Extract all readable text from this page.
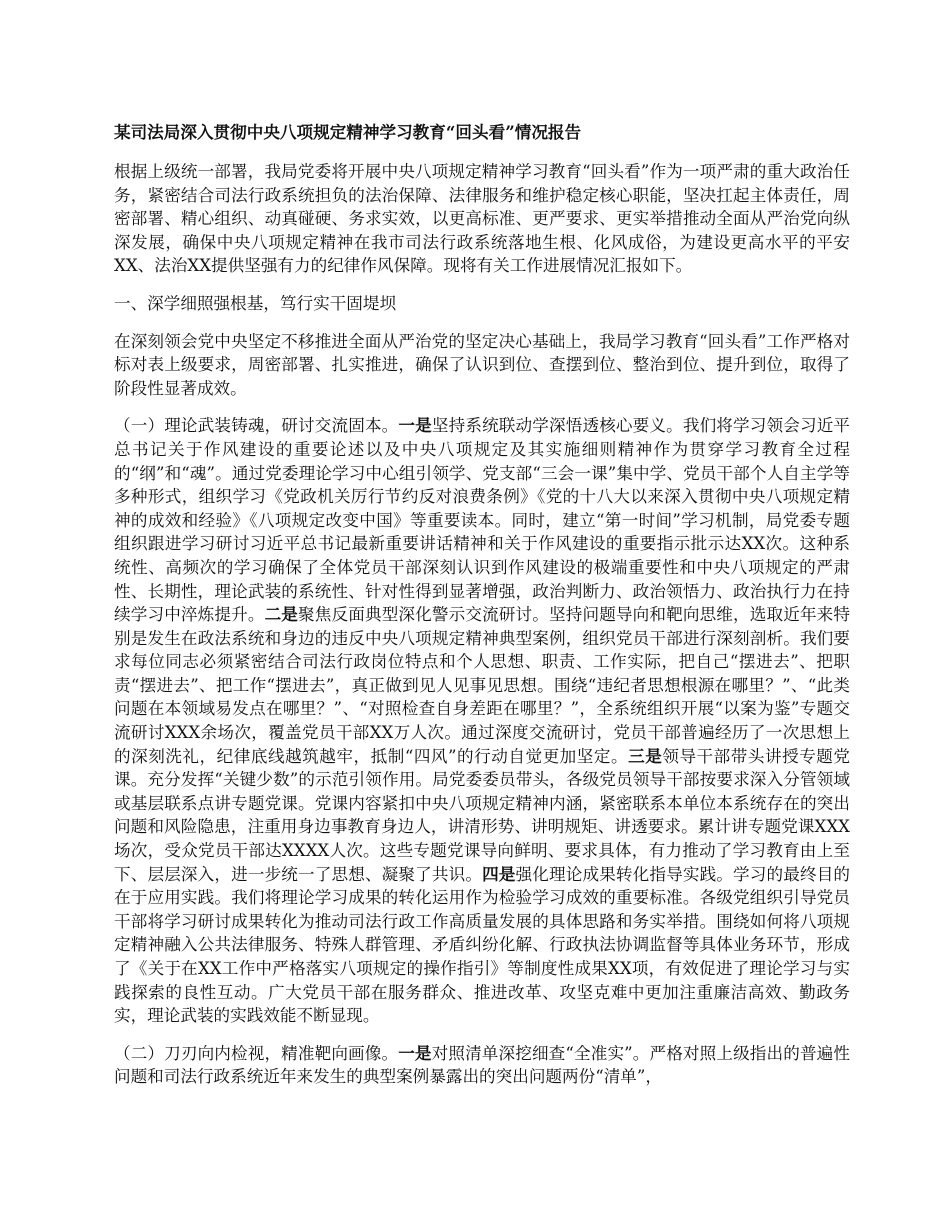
某司法局深入贯彻中央八项规定精神学习教育“回头看”情况报告

根据上级统一部署，我局党委将开展中央八项规定精神学习教育“回头看”作为一项严肃的重大政治任务，紧密结合司法行政系统担负的法治保障、法律服务和维护稳定核心职能，坚决扛起主体责任，周密部署、精心组织、动真碰硬、务求实效，以更高标准、更严要求、更实举措推动全面从严治党向纵深发展，确保中央八项规定精神在我市司法行政系统落地生根、化风成俗，为建设更高水平的平安XX、法治XX提供坚强有力的纪律作风保障。现将有关工作进展情况汇报如下。

一、深学细照强根基，笃行实干固堤坝

在深刻领会党中央坚定不移推进全面从严治党的坚定决心基础上，我局学习教育“回头看”工作严格对标对表上级要求，周密部署、扎实推进，确保了认识到位、查摆到位、整治到位、提升到位，取得了阶段性显著成效。

（一）理论武装铸魂，研讨交流固本。一是坚持系统联动学深悟透核心要义。我们将学习领会习近平总书记关于作风建设的重要论述以及中央八项规定及其实施细则精神作为贯穿学习教育全过程的“纲”和“魂”。通过党委理论学习中心组引领学、党支部“三会一课”集中学、党员干部个人自主学等多种形式，组织学习《党政机关厉行节约反对浪费条例》《党的十八大以来深入贯彻中央八项规定精神的成效和经验》《八项规定改变中国》等重要读本。同时，建立“第一时间”学习机制，局党委专题组织跟进学习研讨习近平总书记最新重要讲话精神和关于作风建设的重要指示批示达XX次。这种系统性、高频次的学习确保了全体党员干部深刻认识到作风建设的极端重要性和中央八项规定的严肃性、长期性，理论武装的系统性、针对性得到显著增强，政治判断力、政治领悟力、政治执行力在持续学习中淬炼提升。二是聚焦反面典型深化警示交流研讨。坚持问题导向和靶向思维，选取近年来特别是发生在政法系统和身边的违反中央八项规定精神典型案例，组织党员干部进行深刻剖析。我们要求每位同志必须紧密结合司法行政岗位特点和个人思想、职责、工作实际，把自己“摆进去”、把职责“摆进去”、把工作“摆进去”，真正做到见人见事见思想。围绕“违纪者思想根源在哪里？”、“此类问题在本领域易发点在哪里？”、“对照检查自身差距在哪里？”，全系统组织开展“以案为鉴”专题交流研讨XXX余场次，覆盖党员干部XX万人次。通过深度交流研讨，党员干部普遍经历了一次思想上的深刻洗礼，纪律底线越筑越牢，抵制“四风”的行动自觉更加坚定。三是领导干部带头讲授专题党课。充分发挥“关键少数”的示范引领作用。局党委委员带头，各级党员领导干部按要求深入分管领域或基层联系点讲专题党课。党课内容紧扣中央八项规定精神内涵，紧密联系本单位本系统存在的突出问题和风险隐患，注重用身边事教育身边人，讲清形势、讲明规矩、讲透要求。累计讲专题党课XXX场次，受众党员干部达XXXX人次。这些专题党课导向鲜明、要求具体，有力推动了学习教育由上至下、层层深入，进一步统一了思想、凝聚了共识。四是强化理论成果转化指导实践。学习的最终目的在于应用实践。我们将理论学习成果的转化运用作为检验学习成效的重要标准。各级党组织引导党员干部将学习研讨成果转化为推动司法行政工作高质量发展的具体思路和务实举措。围绕如何将八项规定精神融入公共法律服务、特殊人群管理、矛盾纠纷化解、行政执法协调监督等具体业务环节，形成了《关于在XX工作中严格落实八项规定的操作指引》等制度性成果XX项，有效促进了理论学习与实践探索的良性互动。广大党员干部在服务群众、推进改革、攻坚克难中更加注重廉洁高效、勤政务实，理论武装的实践效能不断显现。

（二）刀刃向内检视，精准靶向画像。一是对照清单深挖细查“全准实”。严格对照上级指出的普遍性问题和司法行政系统近年来发生的典型案例暴露出的突出问题两份“清单”，
